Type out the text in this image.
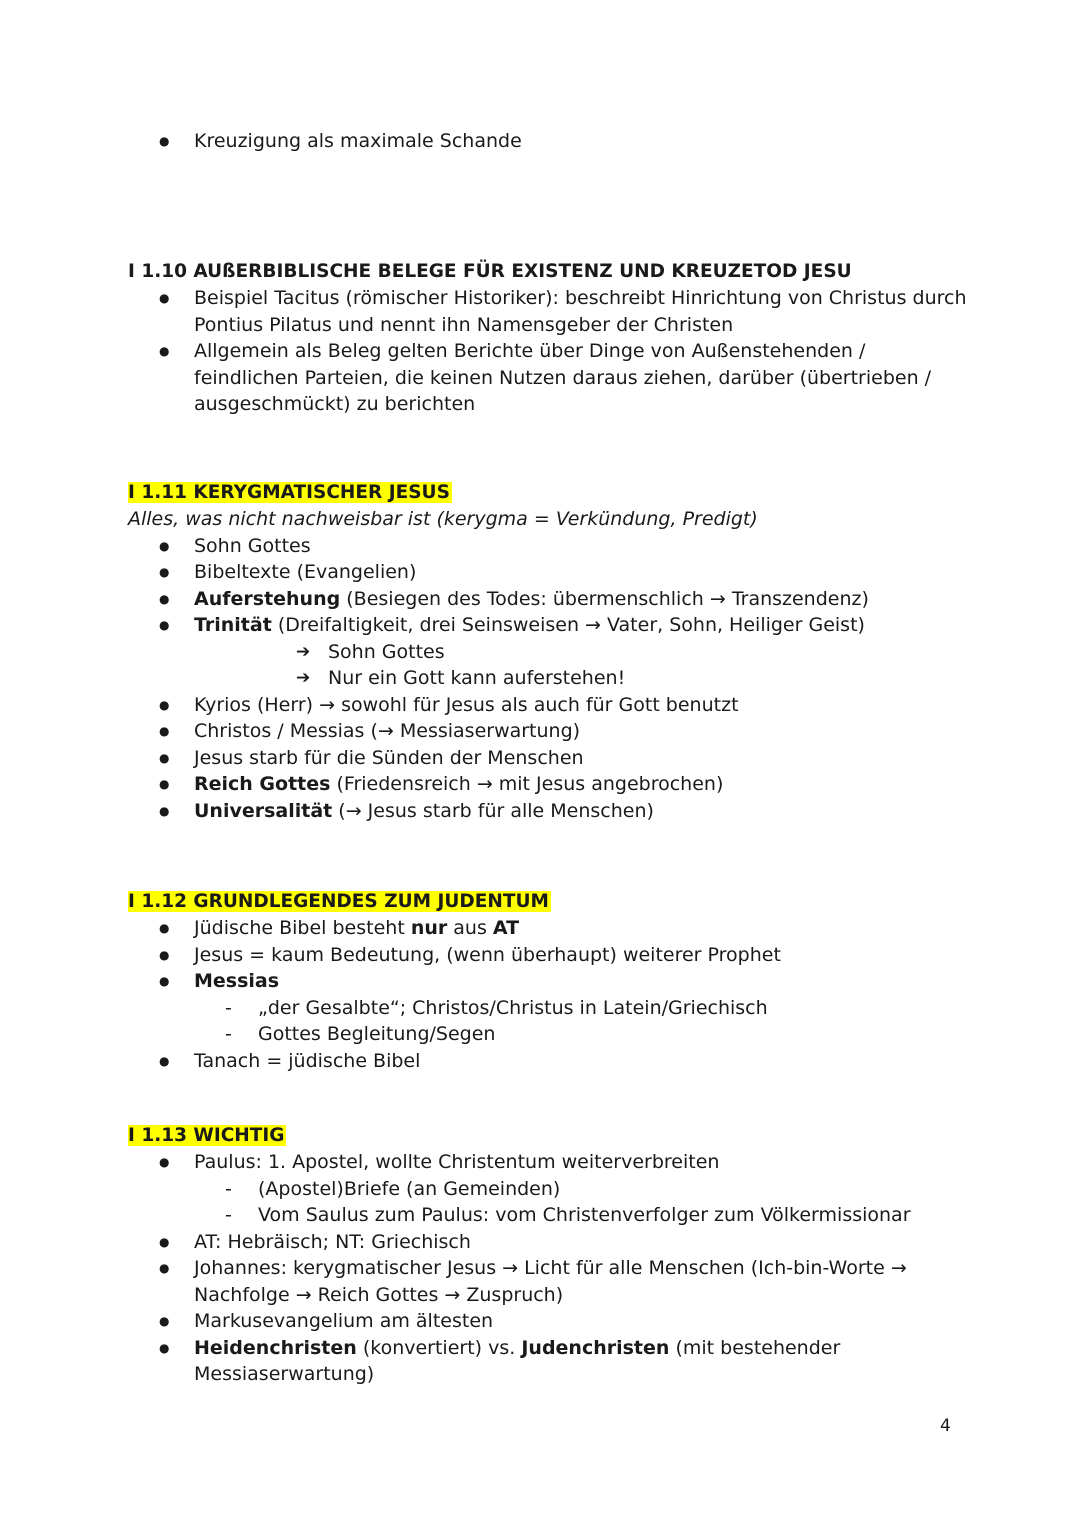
● Kreuzigung als maximale Schande

I 1.10 AUßERBIBLISCHE BELEGE FÜR EXISTENZ UND KREUZETOD JESU

● Beispiel Tacitus (römischer Historiker): beschreibt Hinrichtung von Christus durch Pontius Pilatus und nennt ihn Namensgeber der Christen
● Allgemein als Beleg gelten Berichte über Dinge von Außenstehenden / feindlichen Parteien, die keinen Nutzen daraus ziehen, darüber (übertrieben / ausgeschmückt) zu berichten

I 1.11 KERYGMATISCHER JESUS

Alles, was nicht nachweisbar ist (kerygma = Verkündung, Predigt)

● Sohn Gottes
● Bibeltexte (Evangelien)
● Auferstehung (Besiegen des Todes: übermenschlich → Transzendenz)
● Trinität (Dreifaltigkeit, drei Seinsweisen → Vater, Sohn, Heiliger Geist)
➔ Sohn Gottes
➔ Nur ein Gott kann auferstehen!
● Kyrios (Herr) → sowohl für Jesus als auch für Gott benutzt
● Christos / Messias (→ Messiaserwartung)
● Jesus starb für die Sünden der Menschen
● Reich Gottes (Friedensreich → mit Jesus angebrochen)
● Universalität (→ Jesus starb für alle Menschen)

I 1.12 GRUNDLEGENDES ZUM JUDENTUM

● Jüdische Bibel besteht nur aus AT
● Jesus = kaum Bedeutung, (wenn überhaupt) weiterer Prophet
● Messias
- „der Gesalbte“; Christos/Christus in Latein/Griechisch
- Gottes Begleitung/Segen
● Tanach = jüdische Bibel

I 1.13 WICHTIG

● Paulus: 1. Apostel, wollte Christentum weiterverbreiten
- (Apostel)Briefe (an Gemeinden)
- Vom Saulus zum Paulus: vom Christenverfolger zum Völkermissionar
● AT: Hebräisch; NT: Griechisch
● Johannes: kerygmatischer Jesus → Licht für alle Menschen (Ich-bin-Worte → Nachfolge → Reich Gottes → Zuspruch)
● Markusevangelium am ältesten
● Heidenchristen (konvertiert) vs. Judenchristen (mit bestehender Messiaserwartung)
4
